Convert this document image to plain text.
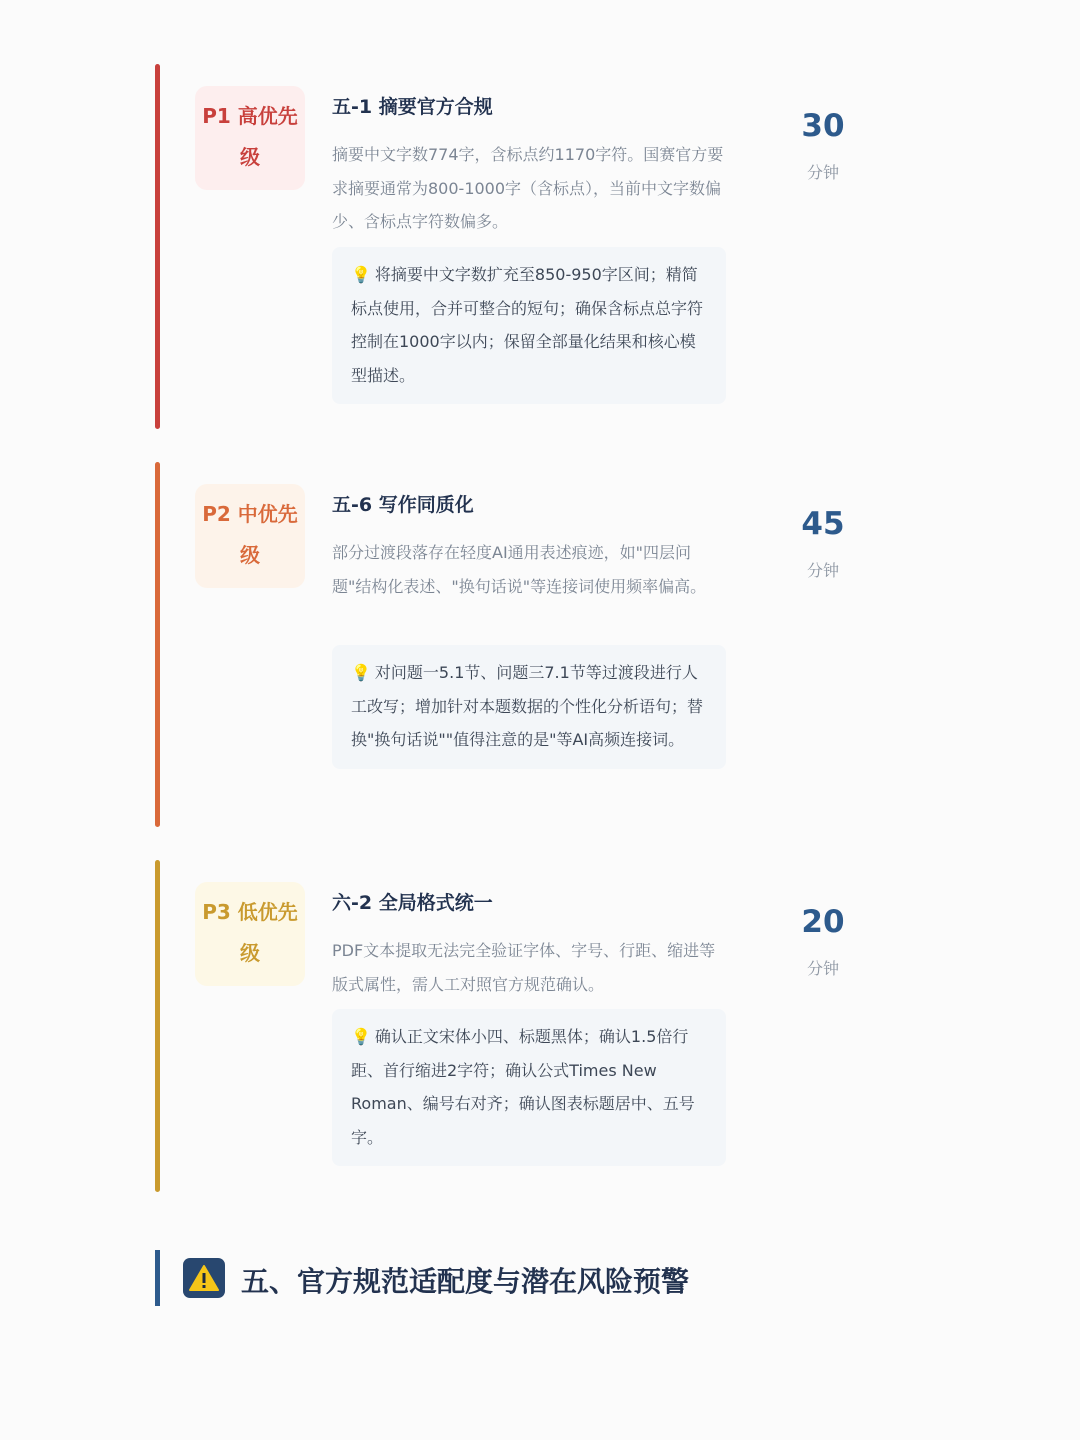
P1 高优先
级
五-1 摘要官方合规
摘要中文字数774字，含标点约1170字符。国赛官方要求摘要通常为800-1000字（含标点），当前中文字数偏少、含标点字符数偏多。
💡 将摘要中文字数扩充至850-950字区间；精简标点使用，合并可整合的短句；确保含标点总字符控制在1000字以内；保留全部量化结果和核心模型描述。
30
分钟
P2 中优先
级
五-6 写作同质化
部分过渡段落存在轻度AI通用表述痕迹，如"四层问题"结构化表述、"换句话说"等连接词使用频率偏高。
💡 对问题一5.1节、问题三7.1节等过渡段进行人工改写；增加针对本题数据的个性化分析语句；替换"换句话说""值得注意的是"等AI高频连接词。
45
分钟
P3 低优先
级
六-2 全局格式统一
PDF文本提取无法完全验证字体、字号、行距、缩进等版式属性，需人工对照官方规范确认。
💡 确认正文宋体小四、标题黑体；确认1.5倍行距、首行缩进2字符；确认公式Times New Roman、编号右对齐；确认图表标题居中、五号字。
20
分钟
五、官方规范适配度与潜在风险预警
